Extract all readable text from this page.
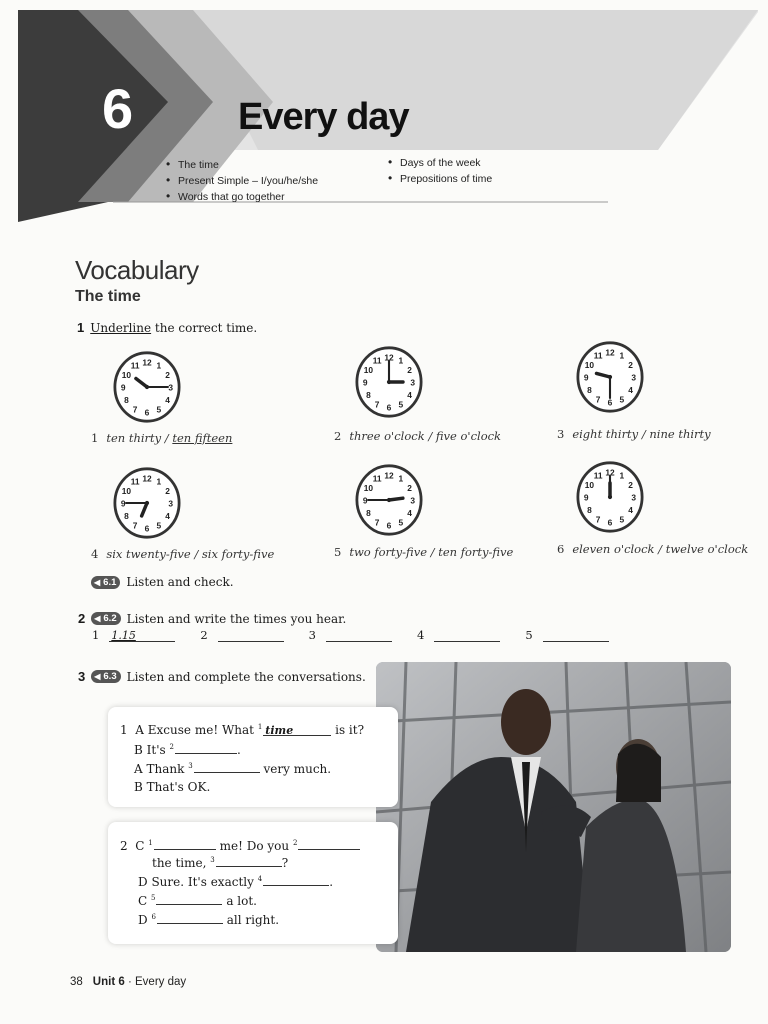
6	Every day
• The time
• Present Simple – I/you/he/she
• Words that go together
• Days of the week
• Prepositions of time
Vocabulary
The time
1 Underline the correct time.
1
2
3
4
5
6
7
8
9
10
11 12	1
2
3
4
5
6
7
8
9
10
11 12	1
2
3
4
5
6
7
8
9
10
11 12
1
2
3
4
5
6
7
8
9
10
11 12	1
2
3
4
5
6
7
8
9
10
11 12	1
2
3
4
5
6
7
8
9
10
11 12
1 ten thirty / ten fifteen	2 three o'clock / five o'clock	3 eight thirty / nine thirty
4 six twenty-five / six forty-five	5 two forty-five / ten forty-five	6 eleven o'clock / twelve o'clock
◀ 6.1 Listen and check.
2 ◀ 6.2 Listen and write the times you hear.
1 1.15	2	3	4	5
3 ◀ 6.3 Listen and complete the conversations.
1 A Excuse me! What $^1$ time	is it?
B It's $^2$	.
A Thank $^3$	very much.
B That's OK.
2 C $^1$	me! Do you $^2$
the time, $^3$	?
D Sure. It's exactly $^4$	.
C $^5$	a lot.
D $^6$	all right.
38 Unit 6 · Every day
